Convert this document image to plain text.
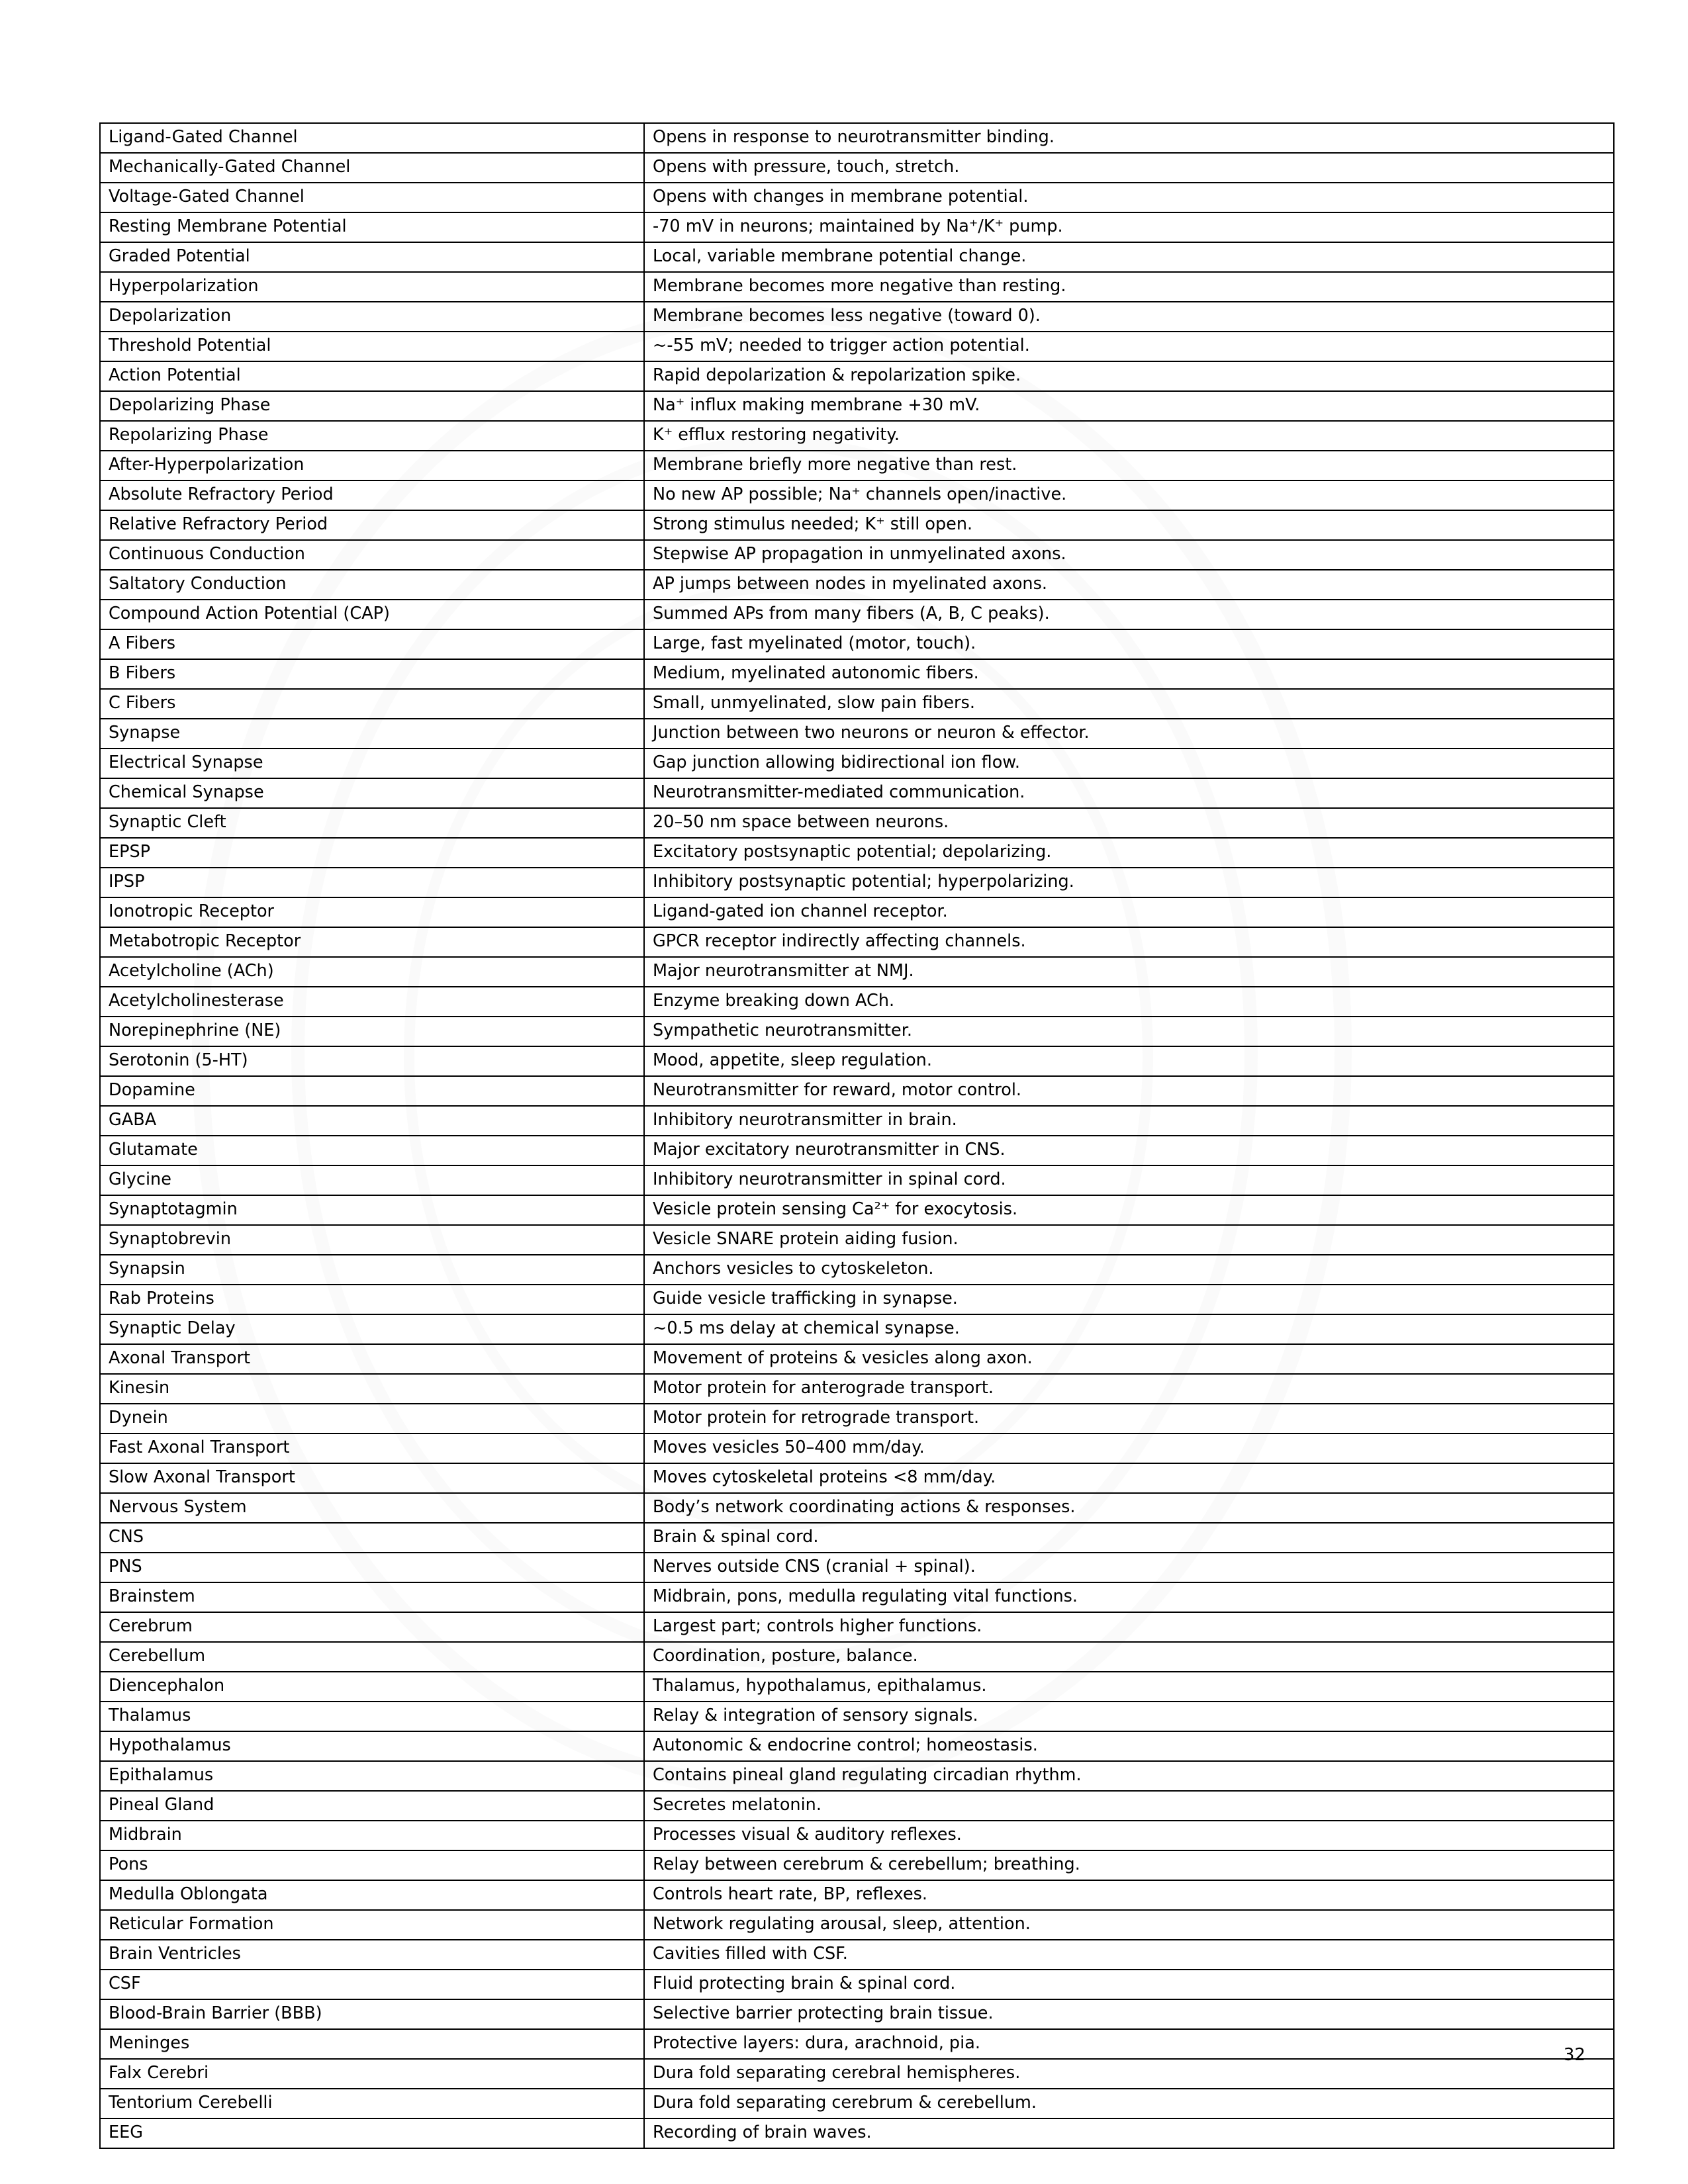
Ligand-Gated Channel	Opens in response to neurotransmitter binding.
Mechanically-Gated Channel	Opens with pressure, touch, stretch.
Voltage-Gated Channel	Opens with changes in membrane potential.
Resting Membrane Potential	-70 mV in neurons; maintained by Na⁺/K⁺ pump.
Graded Potential	Local, variable membrane potential change.
Hyperpolarization	Membrane becomes more negative than resting.
Depolarization	Membrane becomes less negative (toward 0).
Threshold Potential	~-55 mV; needed to trigger action potential.
Action Potential	Rapid depolarization & repolarization spike.
Depolarizing Phase	Na⁺ influx making membrane +30 mV.
Repolarizing Phase	K⁺ efflux restoring negativity.
After-Hyperpolarization	Membrane briefly more negative than rest.
Absolute Refractory Period	No new AP possible; Na⁺ channels open/inactive.
Relative Refractory Period	Strong stimulus needed; K⁺ still open.
Continuous Conduction	Stepwise AP propagation in unmyelinated axons.
Saltatory Conduction	AP jumps between nodes in myelinated axons.
Compound Action Potential (CAP)	Summed APs from many fibers (A, B, C peaks).
A Fibers	Large, fast myelinated (motor, touch).
B Fibers	Medium, myelinated autonomic fibers.
C Fibers	Small, unmyelinated, slow pain fibers.
Synapse	Junction between two neurons or neuron & effector.
Electrical Synapse	Gap junction allowing bidirectional ion flow.
Chemical Synapse	Neurotransmitter-mediated communication.
Synaptic Cleft	20–50 nm space between neurons.
EPSP	Excitatory postsynaptic potential; depolarizing.
IPSP	Inhibitory postsynaptic potential; hyperpolarizing.
Ionotropic Receptor	Ligand-gated ion channel receptor.
Metabotropic Receptor	GPCR receptor indirectly affecting channels.
Acetylcholine (ACh)	Major neurotransmitter at NMJ.
Acetylcholinesterase	Enzyme breaking down ACh.
Norepinephrine (NE)	Sympathetic neurotransmitter.
Serotonin (5-HT)	Mood, appetite, sleep regulation.
Dopamine	Neurotransmitter for reward, motor control.
GABA	Inhibitory neurotransmitter in brain.
Glutamate	Major excitatory neurotransmitter in CNS.
Glycine	Inhibitory neurotransmitter in spinal cord.
Synaptotagmin	Vesicle protein sensing Ca²⁺ for exocytosis.
Synaptobrevin	Vesicle SNARE protein aiding fusion.
Synapsin	Anchors vesicles to cytoskeleton.
Rab Proteins	Guide vesicle trafficking in synapse.
Synaptic Delay	~0.5 ms delay at chemical synapse.
Axonal Transport	Movement of proteins & vesicles along axon.
Kinesin	Motor protein for anterograde transport.
Dynein	Motor protein for retrograde transport.
Fast Axonal Transport	Moves vesicles 50–400 mm/day.
Slow Axonal Transport	Moves cytoskeletal proteins <8 mm/day.
Nervous System	Body’s network coordinating actions & responses.
CNS	Brain & spinal cord.
PNS	Nerves outside CNS (cranial + spinal).
Brainstem	Midbrain, pons, medulla regulating vital functions.
Cerebrum	Largest part; controls higher functions.
Cerebellum	Coordination, posture, balance.
Diencephalon	Thalamus, hypothalamus, epithalamus.
Thalamus	Relay & integration of sensory signals.
Hypothalamus	Autonomic & endocrine control; homeostasis.
Epithalamus	Contains pineal gland regulating circadian rhythm.
Pineal Gland	Secretes melatonin.
Midbrain	Processes visual & auditory reflexes.
Pons	Relay between cerebrum & cerebellum; breathing.
Medulla Oblongata	Controls heart rate, BP, reflexes.
Reticular Formation	Network regulating arousal, sleep, attention.
Brain Ventricles	Cavities filled with CSF.
CSF	Fluid protecting brain & spinal cord.
Blood-Brain Barrier (BBB)	Selective barrier protecting brain tissue.
Meninges	Protective layers: dura, arachnoid, pia.
Falx Cerebri	Dura fold separating cerebral hemispheres.
Tentorium Cerebelli	Dura fold separating cerebrum & cerebellum.
EEG	Recording of brain waves.
32
